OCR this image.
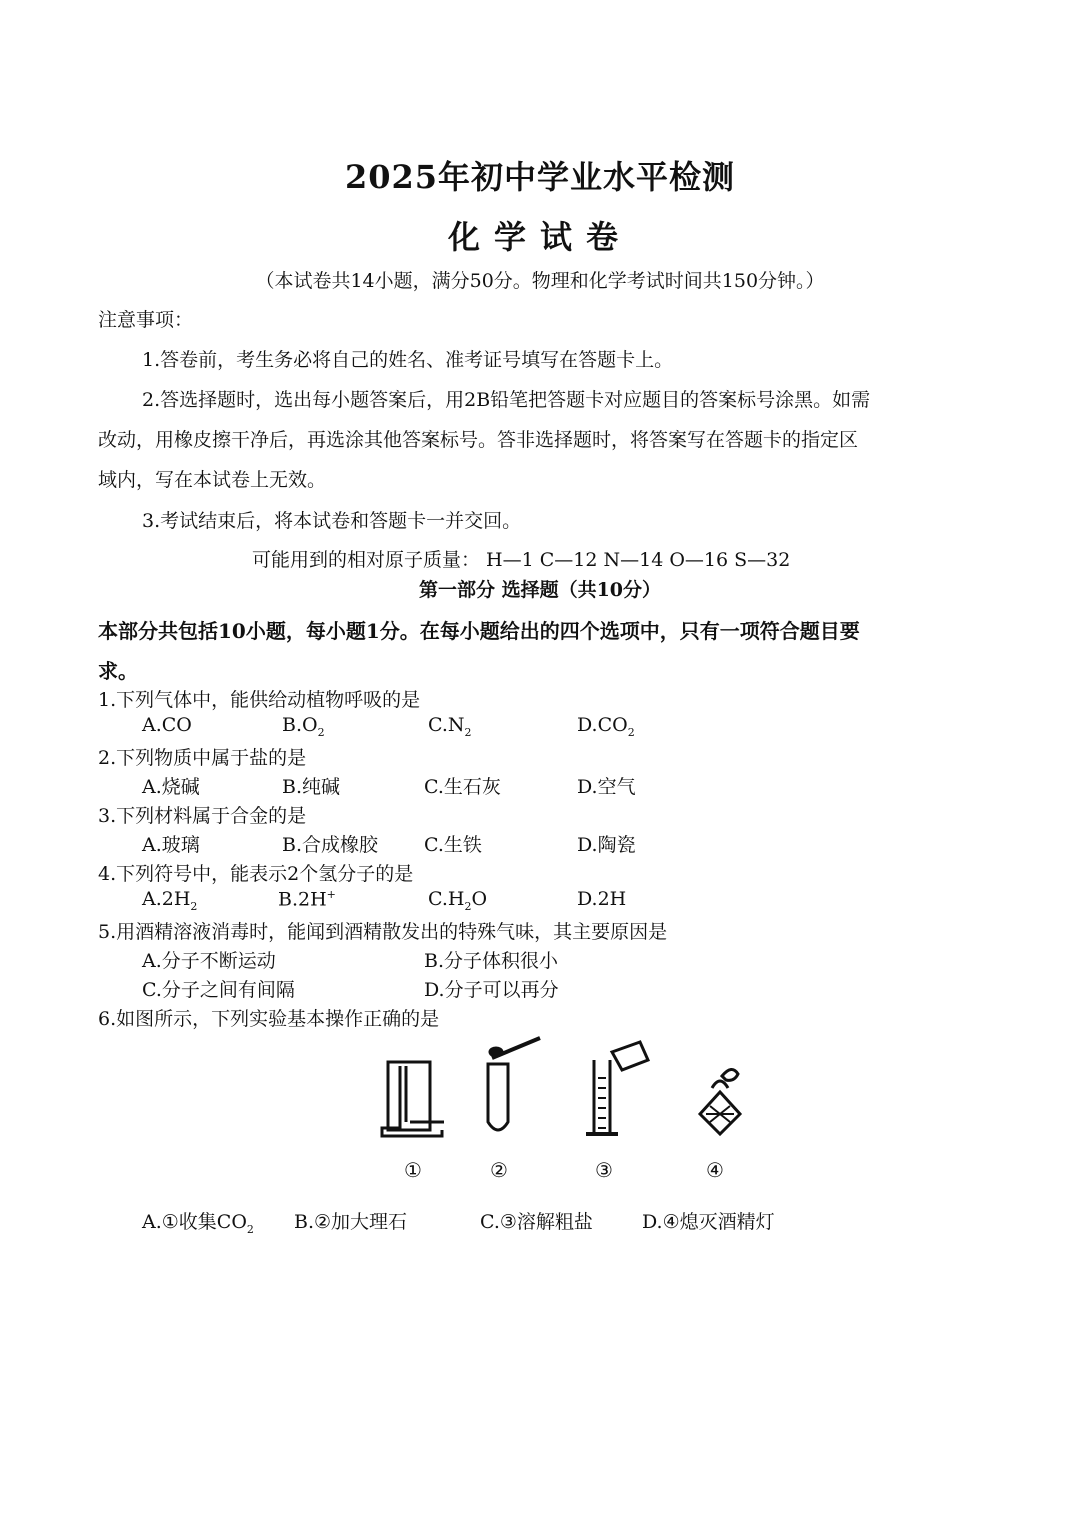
2025年初中学业水平检测
化学试卷
（本试卷共14小题，满分50分。物理和化学考试时间共150分钟。）
注意事项：
1.答卷前，考生务必将自己的姓名、准考证号填写在答题卡上。
2.答选择题时，选出每小题答案后，用2B铅笔把答题卡对应题目的答案标号涂黑。如需
改动，用橡皮擦干净后，再选涂其他答案标号。答非选择题时，将答案写在答题卡的指定区
域内，写在本试卷上无效。
3.考试结束后，将本试卷和答题卡一并交回。
可能用到的相对原子质量： H—1 C—12 N—14 O—16 S—32
第一部分 选择题（共10分）
本部分共包括10小题，每小题1分。在每小题给出的四个选项中，只有一项符合题目要
求。
1.下列气体中，能供给动植物呼吸的是
A.CO	$B.O_2$	$C.N_2$	$D.CO_2$
2.下列物质中属于盐的是
A.烧碱	B.纯碱	C.生石灰	D.空气
3.下列材料属于合金的是
A.玻璃	B.合成橡胶 C.生铁	D.陶瓷
4.下列符号中，能表示2个氢分子的是
$A.2H_2$	B.2H+	$C.H_2O$	D.2H
5.用酒精溶液消毒时，能闻到酒精散发出的特殊气味，其主要原因是
A.分子不断运动	B.分子体积很小
C.分子之间有间隔	D.分子可以再分
6.如图所示，下列实验基本操作正确的是
①	②	③	④
A.①收集$CO_2$ B.②加大理石	C.③溶解粗盐	D.④熄灭酒精灯
